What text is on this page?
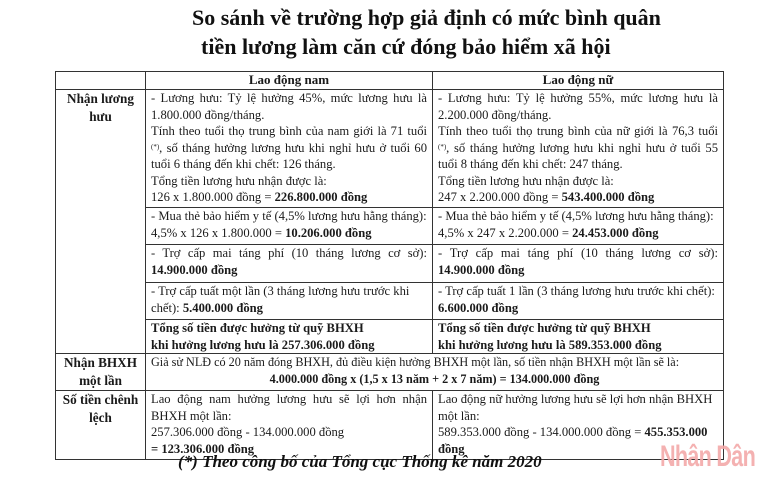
So sánh về trường hợp giả định có mức bình quân
tiền lương làm căn cứ đóng bảo hiểm xã hội
	Lao động nam	Lao động nữ
Nhận lương hưu	- Lương hưu: Tỷ lệ hưởng 45%, mức lương hưu là 1.800.000 đồng/tháng.
Tính theo tuổi thọ trung bình của nam giới là 71 tuổi (*), số tháng hưởng lương hưu khi nghỉ hưu ở tuổi 60 tuổi 6 tháng đến khi chết: 126 tháng.
Tổng tiền lương hưu nhận được là:
126 x 1.800.000 đồng = 226.800.000 đồng	- Lương hưu: Tỷ lệ hưởng 55%, mức lương hưu là 2.200.000 đồng/tháng.
Tính theo tuổi thọ trung bình của nữ giới là 76,3 tuổi (*), số tháng hưởng lương hưu khi nghỉ hưu ở tuổi 55 tuổi 8 tháng đến khi chết: 247 tháng.
Tổng tiền lương hưu nhận được là:
247 x 2.200.000 đồng = 543.400.000 đồng
	- Mua thẻ bảo hiểm y tế (4,5% lương hưu hằng tháng): 4,5% x 126 x 1.800.000 = 10.206.000 đồng	- Mua thẻ bảo hiểm y tế (4,5% lương hưu hằng tháng): 4,5% x 247 x 2.200.000 = 24.453.000 đồng
	- Trợ cấp mai táng phí (10 tháng lương cơ sở): 14.900.000 đồng	- Trợ cấp mai táng phí (10 tháng lương cơ sở): 14.900.000 đồng
	- Trợ cấp tuất một lần (3 tháng lương hưu trước khi chết): 5.400.000 đồng	- Trợ cấp tuất 1 lần (3 tháng lương hưu trước khi chết): 6.600.000 đồng
	Tổng số tiền được hưởng từ quỹ BHXH
khi hưởng lương hưu là 257.306.000 đồng	Tổng số tiền được hưởng từ quỹ BHXH
khi hưởng lương hưu là 589.353.000 đồng
Nhận BHXH một lần	Giả sử NLĐ có 20 năm đóng BHXH, đủ điều kiện hưởng BHXH một lần, số tiền nhận BHXH một lần sẽ là:

4.000.000 đồng x (1,5 x 13 năm + 2 x 7 năm) = 134.000.000 đồng	

Số tiền chênh lệch	Lao động nam hưởng lương hưu sẽ lợi hơn nhận BHXH một lần:
257.306.000 đồng - 134.000.000 đồng
= 123.306.000 đồng	Lao động nữ hưởng lương hưu sẽ lợi hơn nhận BHXH một lần:
589.353.000 đồng - 134.000.000 đồng = 455.353.000 đồng
(*) Theo công bố của Tổng cục Thống kê năm 2020	Nhân Dân
